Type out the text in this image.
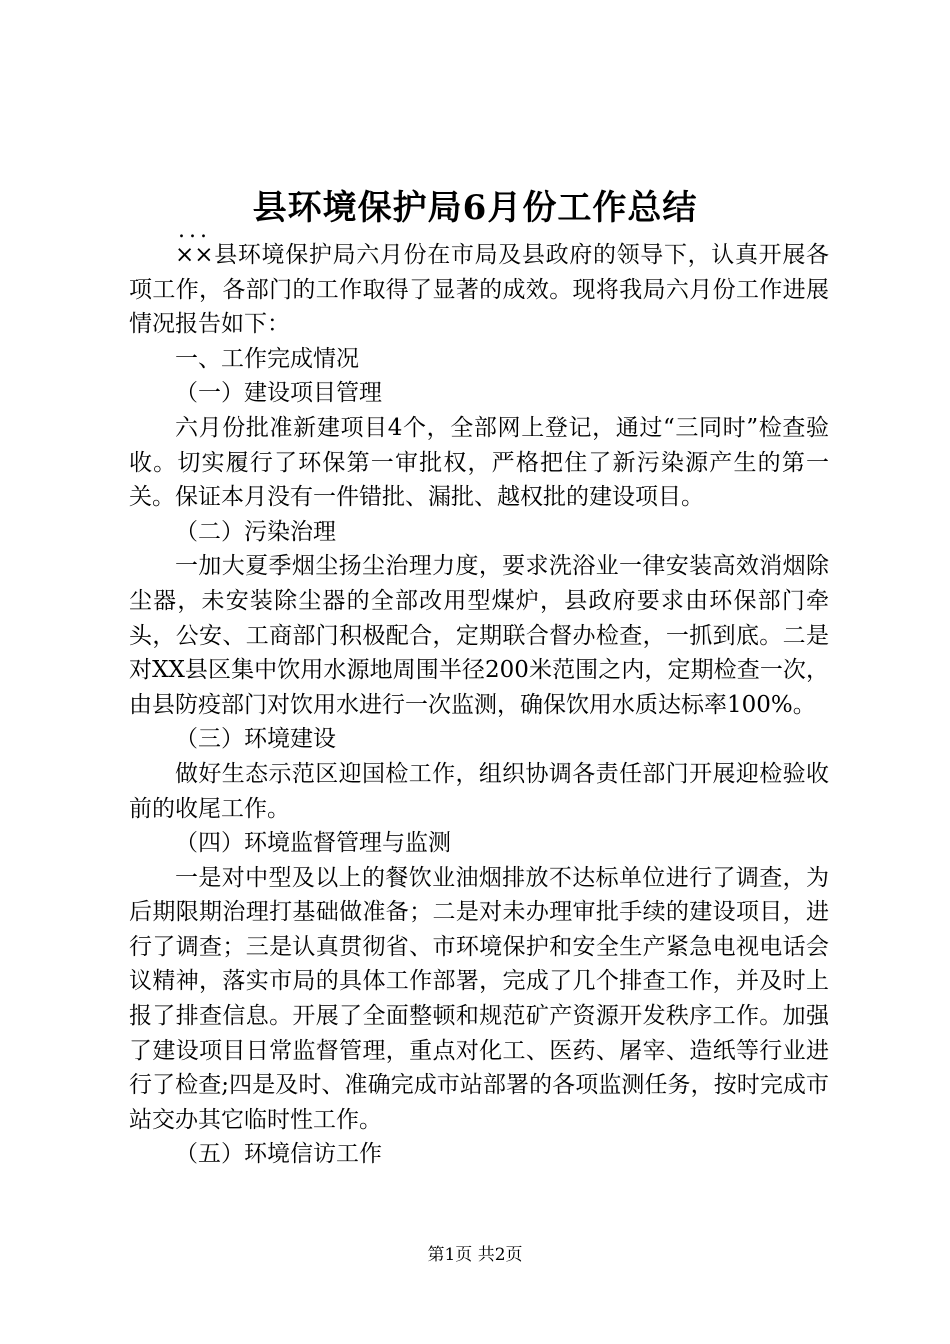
县环境保护局6月份工作总结
...

××县环境保护局六月份在市局及县政府的领导下，认真开展各项工作，各部门的工作取得了显著的成效。现将我局六月份工作进展情况报告如下：

一、工作完成情况

（一）建设项目管理

六月份批准新建项目4个，全部网上登记，通过“三同时”检查验收。切实履行了环保第一审批权，严格把住了新污染源产生的第一关。保证本月没有一件错批、漏批、越权批的建设项目。

（二）污染治理

一加大夏季烟尘扬尘治理力度，要求洗浴业一律安装高效消烟除尘器，未安装除尘器的全部改用型煤炉，县政府要求由环保部门牵头，公安、工商部门积极配合，定期联合督办检查，一抓到底。二是对XX县区集中饮用水源地周围半径200米范围之内，定期检查一次，由县防疫部门对饮用水进行一次监测，确保饮用水质达标率100%。

（三）环境建设

做好生态示范区迎国检工作，组织协调各责任部门开展迎检验收前的收尾工作。

（四）环境监督管理与监测

一是对中型及以上的餐饮业油烟排放不达标单位进行了调查，为后期限期治理打基础做准备；二是对未办理审批手续的建设项目，进行了调查；三是认真贯彻省、市环境保护和安全生产紧急电视电话会议精神，落实市局的具体工作部署，完成了几个排查工作，并及时上报了排查信息。开展了全面整顿和规范矿产资源开发秩序工作。加强了建设项目日常监督管理，重点对化工、医药、屠宰、造纸等行业进行了检查;四是及时、准确完成市站部署的各项监测任务，按时完成市站交办其它临时性工作。

（五）环境信访工作

第1页 共2页
